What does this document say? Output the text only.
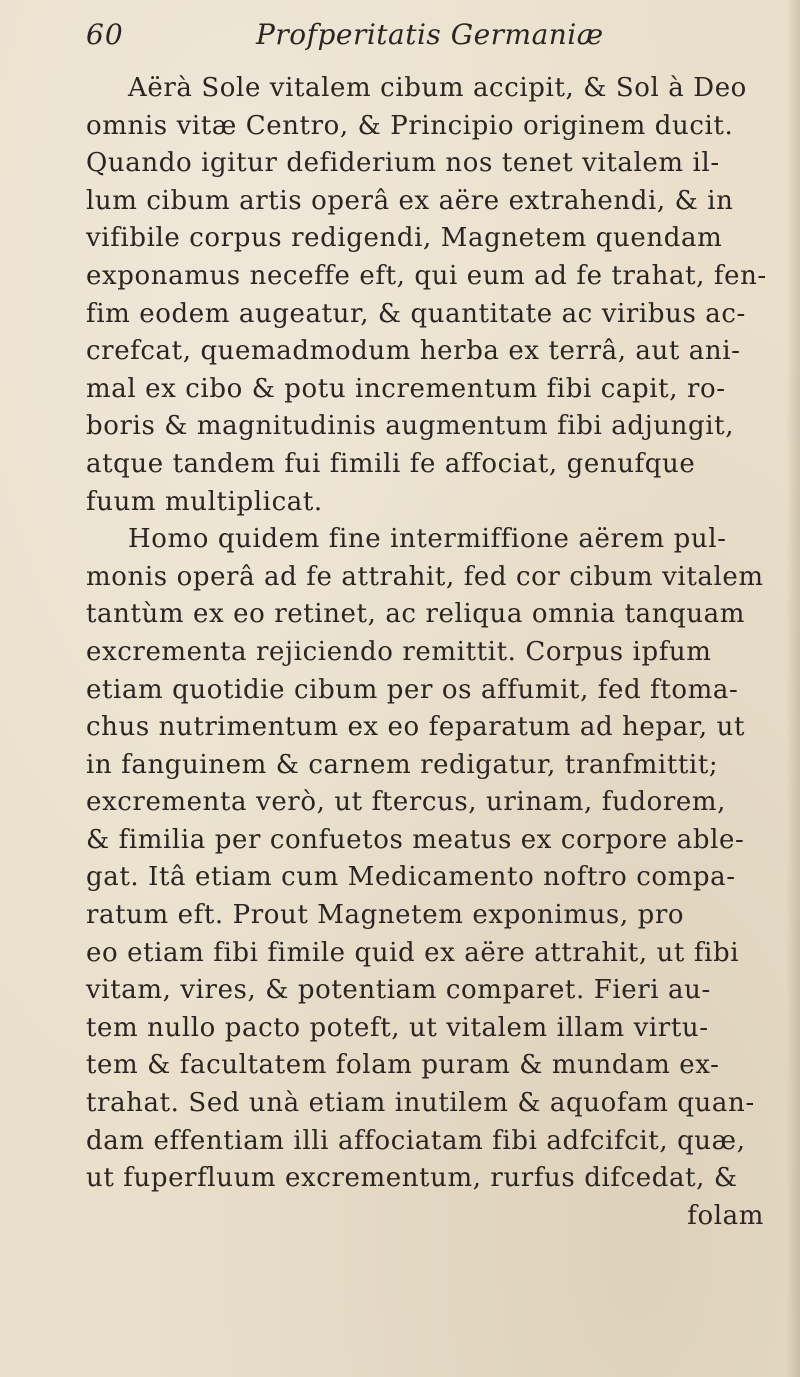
60	Profperitatis Germaniæ
Aërà Sole vitalem cibum accipit, & Sol à Deo
omnis vitæ Centro, & Principio originem ducit.
Quando igitur defiderium nos tenet vitalem il-
lum cibum artis operâ ex aëre extrahendi, & in
vifibile corpus redigendi, Magnetem quendam
exponamus neceffe eft, qui eum ad fe trahat, fen-
fim eodem augeatur, & quantitate ac viribus ac-
crefcat, quemadmodum herba ex terrâ, aut ani-
mal ex cibo & potu incrementum fibi capit, ro-
boris & magnitudinis augmentum fibi adjungit,
atque tandem fui fimili fe affociat, genufque
fuum multiplicat.
Homo quidem fine intermiffione aërem pul-
monis operâ ad fe attrahit, fed cor cibum vitalem
tantùm ex eo retinet, ac reliqua omnia tanquam
excrementa rejiciendo remittit. Corpus ipfum
etiam quotidie cibum per os affumit, fed ftoma-
chus nutrimentum ex eo feparatum ad hepar, ut
in fanguinem & carnem redigatur, tranfmittit;
excrementa verò, ut ftercus, urinam, fudorem,
& fimilia per confuetos meatus ex corpore able-
gat. Itâ etiam cum Medicamento noftro compa-
ratum eft. Prout Magnetem exponimus, pro
eo etiam fibi fimile quid ex aëre attrahit, ut fibi
vitam, vires, & potentiam comparet. Fieri au-
tem nullo pacto poteft, ut vitalem illam virtu-
tem & facultatem folam puram & mundam ex-
trahat. Sed unà etiam inutilem & aquofam quan-
dam effentiam illi affociatam fibi adfcifcit, quæ,
ut fuperfluum excrementum, rurfus difcedat, &
folam
